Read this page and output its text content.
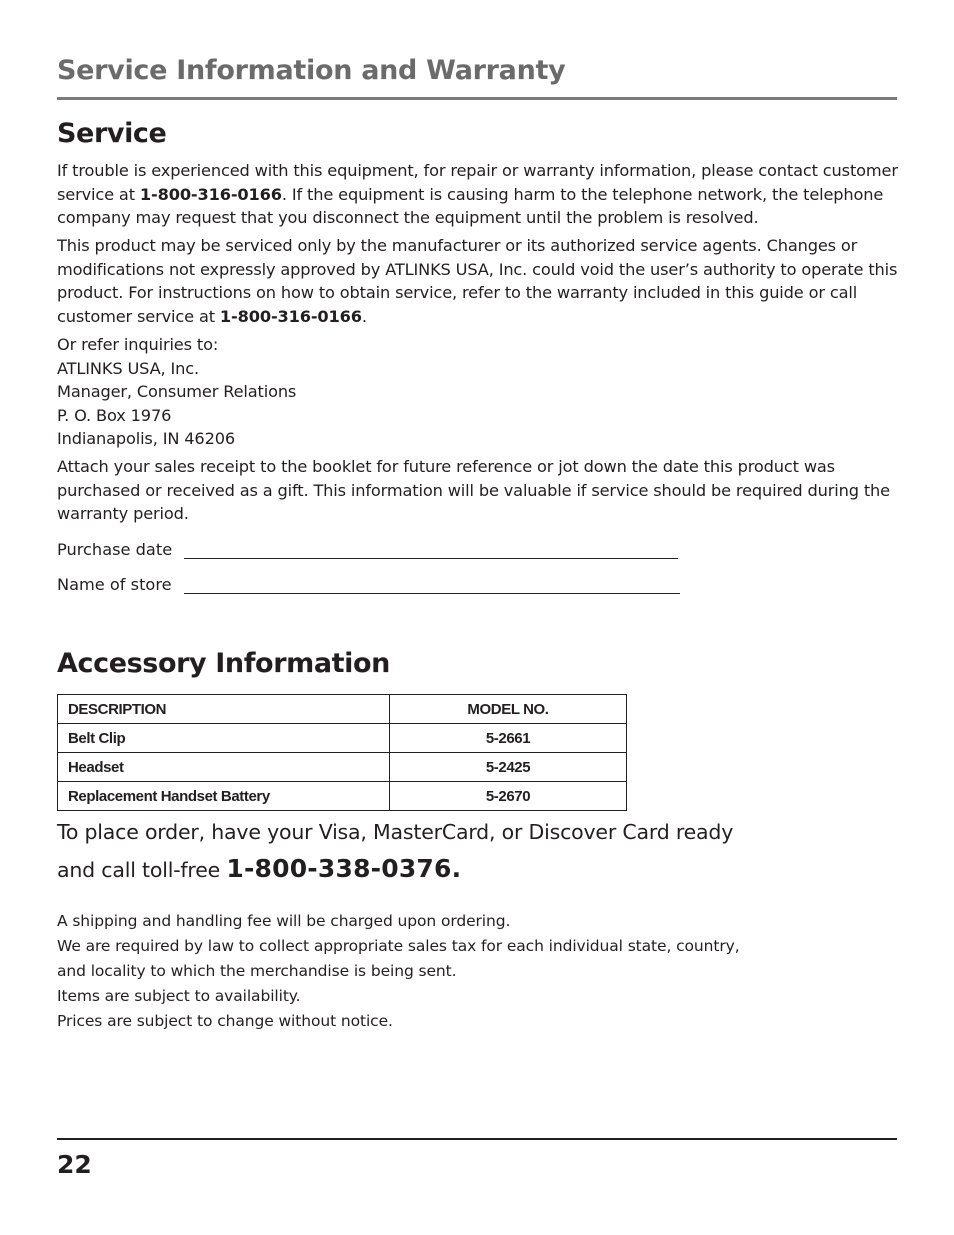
Service Information and Warranty
Service

If trouble is experienced with this equipment, for repair or warranty information, please contact customer service at 1-800-316-0166. If the equipment is causing harm to the telephone network, the telephone company may request that you disconnect the equipment until the problem is resolved.

This product may be serviced only by the manufacturer or its authorized service agents. Changes or modifications not expressly approved by ATLINKS USA, Inc. could void the user’s authority to operate this product. For instructions on how to obtain service, refer to the warranty included in this guide or call customer service at 1-800-316-0166.

Or refer inquiries to:
ATLINKS USA, Inc.
Manager, Consumer Relations
P. O. Box 1976
Indianapolis, IN 46206

Attach your sales receipt to the booklet for future reference or jot down the date this product was purchased or received as a gift. This information will be valuable if service should be required during the warranty period.

Purchase date
Name of store
Accessory Information
DESCRIPTION	MODEL NO.
Belt Clip	5-2661
Headset	5-2425
Replacement Handset Battery	5-2670
To place order, have your Visa, MasterCard, or Discover Card ready
and call toll-free 1-800-338-0376.
A shipping and handling fee will be charged upon ordering.
We are required by law to collect appropriate sales tax for each individual state, country,
and locality to which the merchandise is being sent.
Items are subject to availability.
Prices are subject to change without notice.
22
